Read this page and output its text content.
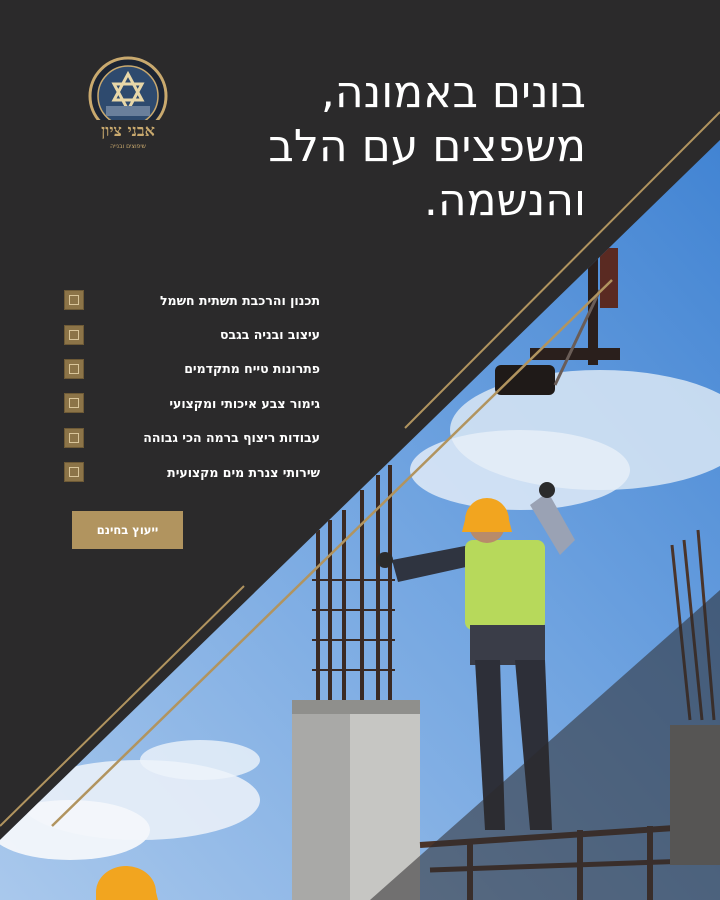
אבני ציון
שיפוצים ובנייה
בונים באמונה,
משפצים עם הלב
והנשמה.
תכנון והרכבת תשתית חשמל
עיצוב ובניה בגבס
פתרונות טייח מתקדמים
גימור צבע איכותי ומקצועי
עבודות ריצוף ברמה הכי גבוהה
שירותי צנרת מים מקצועית
ייעוץ בחינם
